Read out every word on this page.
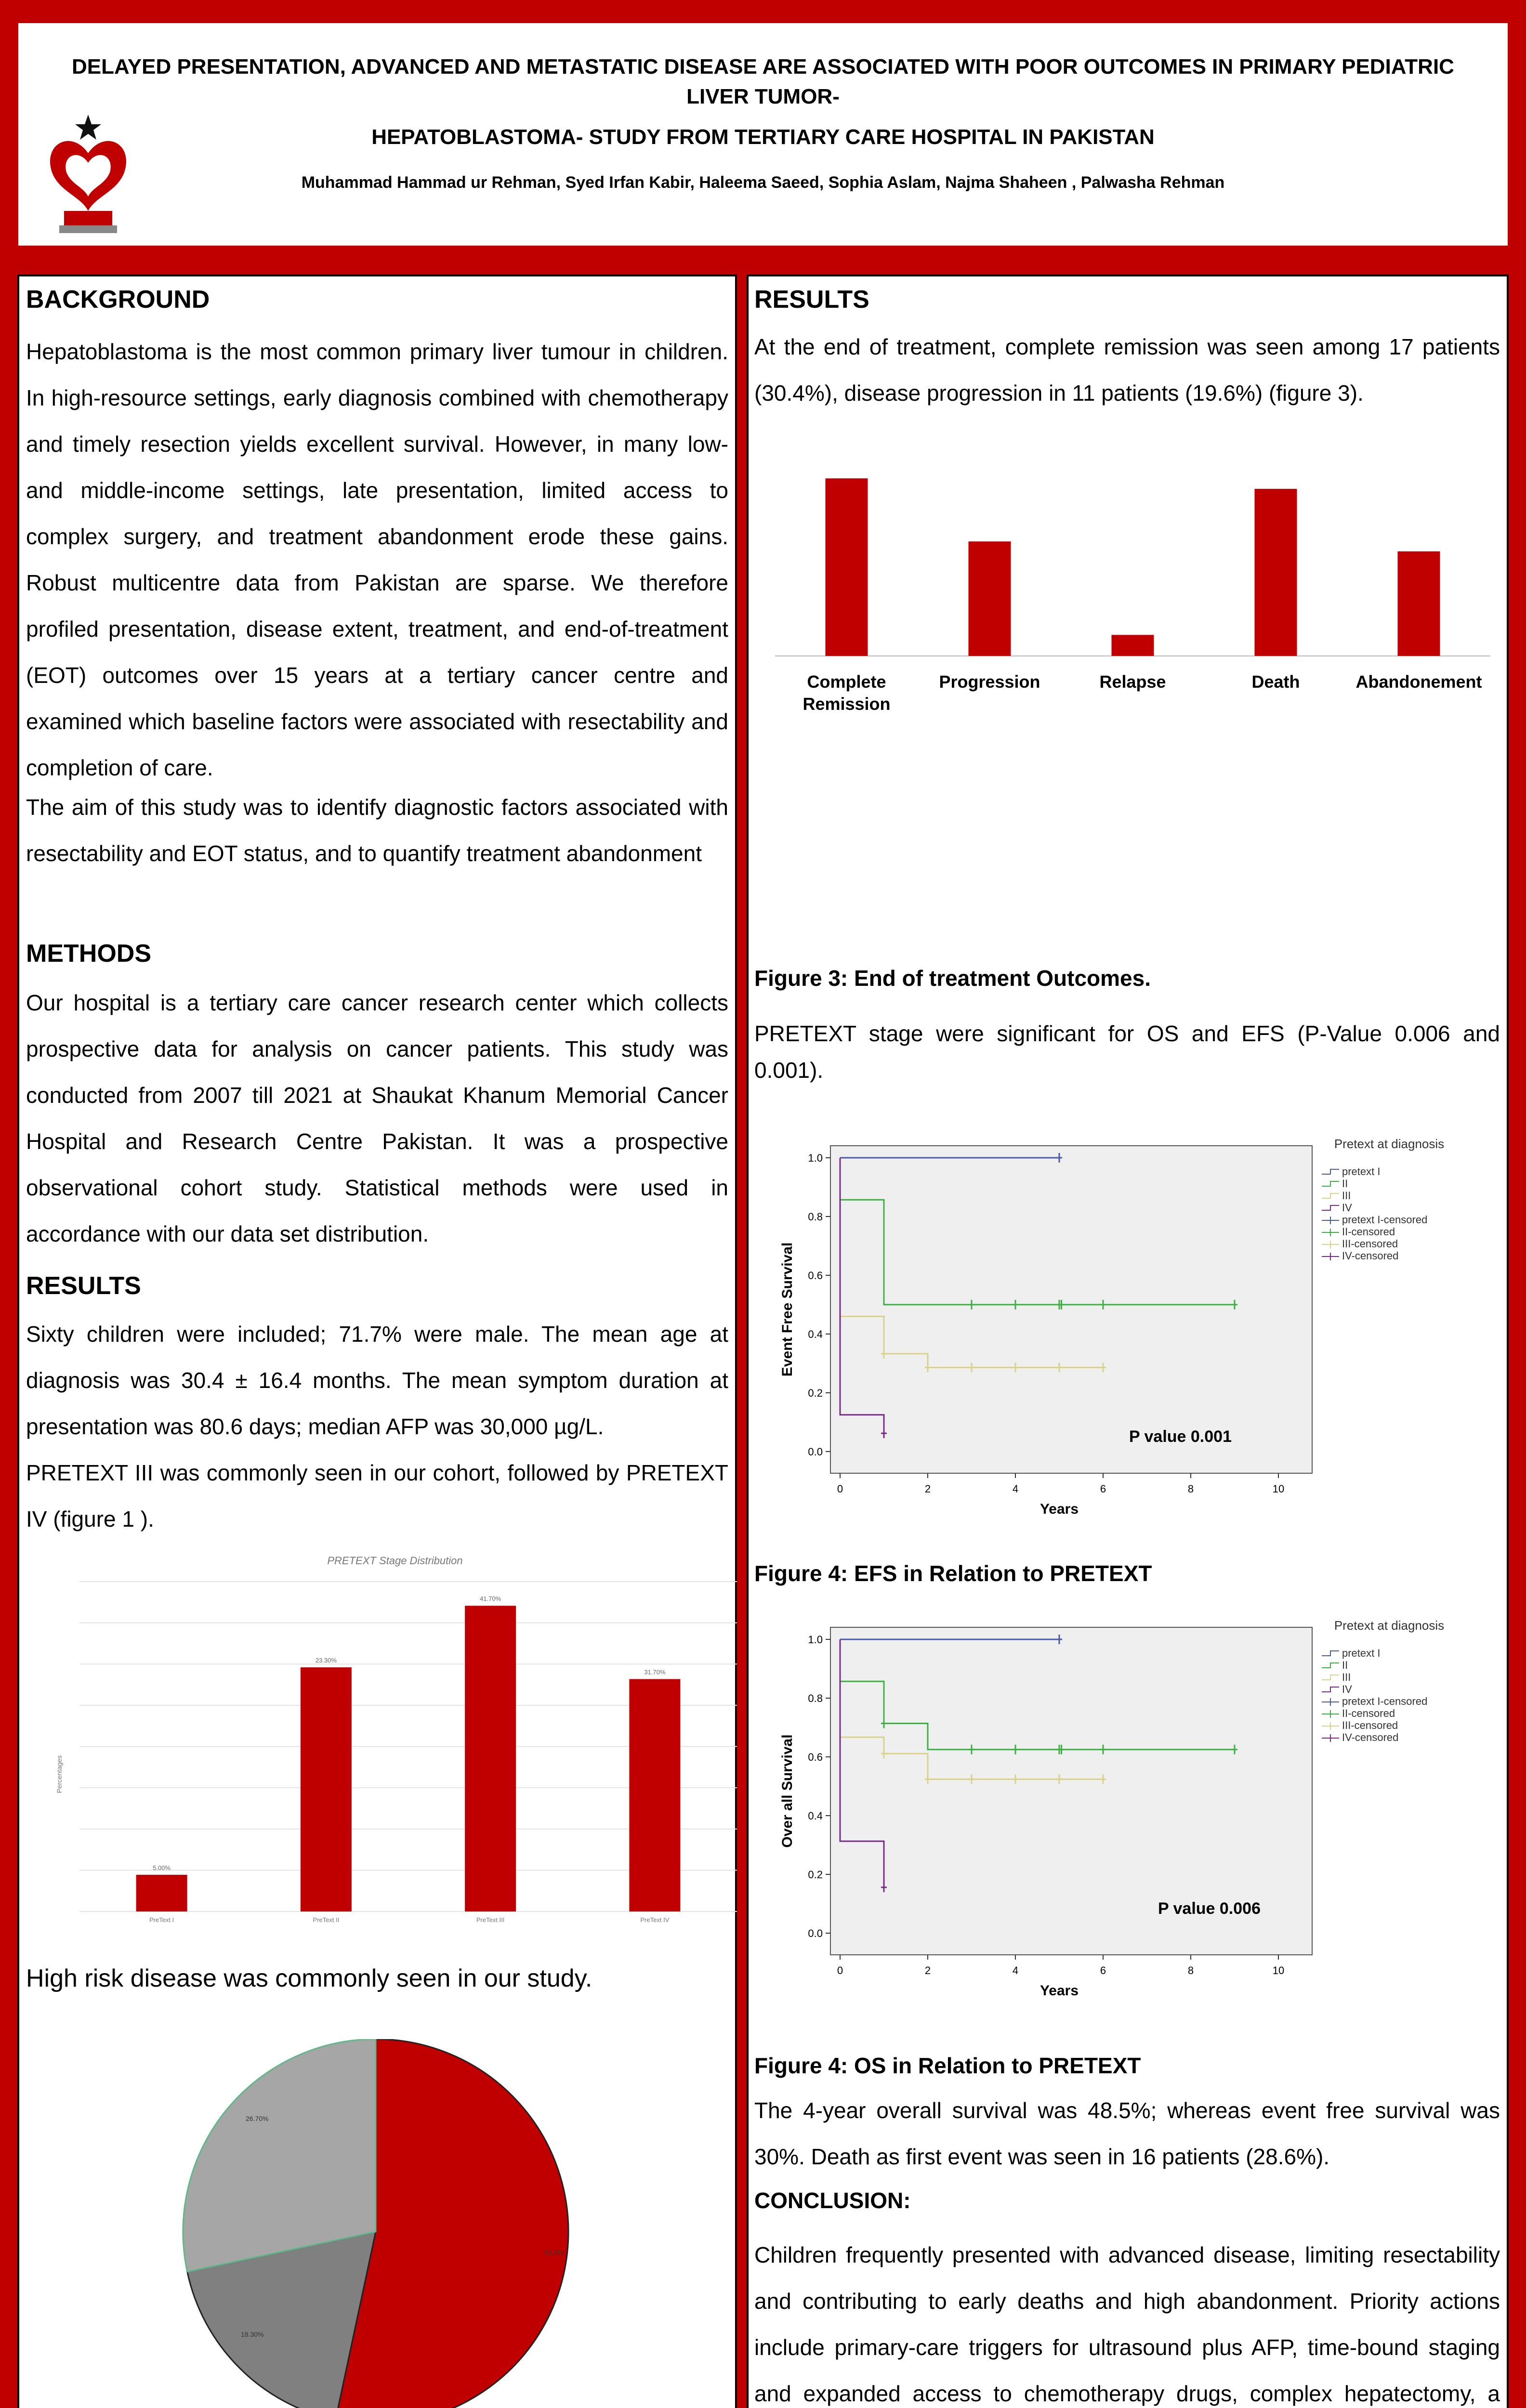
DELAYED PRESENTATION, ADVANCED AND METASTATIC DISEASE ARE ASSOCIATED WITH POOR OUTCOMES IN PRIMARY PEDIATRIC
LIVER TUMOR-
HEPATOBLASTOMA- STUDY FROM TERTIARY CARE HOSPITAL IN PAKISTAN
Muhammad Hammad ur Rehman, Syed Irfan Kabir, Haleema Saeed, Sophia Aslam, Najma Shaheen , Palwasha Rehman
BACKGROUND
Hepatoblastoma is the most common primary liver tumour in children. In high-resource settings, early diagnosis combined with chemotherapy and timely resection yields excellent survival. However, in many low- and middle-income settings, late presentation, limited access to complex surgery, and treatment abandonment erode these gains. Robust multicentre data from Pakistan are sparse. We therefore profiled presentation, disease extent, treatment, and end-of-treatment (EOT) outcomes over 15 years at a tertiary cancer centre and examined which baseline factors were associated with resectability and completion of care.
The aim of this study was to identify diagnostic factors associated with resectability and EOT status, and to quantify treatment abandonment
METHODS
Our hospital is a tertiary care cancer research center which collects prospective data for analysis on cancer patients. This study was conducted from 2007 till 2021 at Shaukat Khanum Memorial Cancer Hospital and Research Centre Pakistan. It was a prospective observational cohort study. Statistical methods were used in accordance with our data set distribution.
RESULTS
Sixty children were included; 71.7% were male. The mean age at diagnosis was 30.4 ± 16.4 months. The mean symptom duration at presentation was 80.6 days; median AFP was 30,000 µg/L.
PRETEXT III was commonly seen in our cohort, followed by PRETEXT IV (figure 1 ).
PRETEXT Stage Distribution
Percentages
5.00%
PreText I
23.30%
PreText II
41.70%
PreText III
31.70%
PreText IV
High risk disease was commonly seen in our study.
53.3%
18.30%
26.70%
RESULTS
At the end of treatment, complete remission was seen among 17 patients (30.4%), disease progression in 11 patients (19.6%) (figure 3).
Complete Remission
Progression	Relapse	Death	Abandonement
Figure 3: End of treatment Outcomes.
PRETEXT stage were significant for OS and EFS (P-Value 0.006 and 0.001).
0.0
0.2
0.4
0.6
0.8
1.0
0	2	4	6	8	10
Event Free Survival
Years
P value 0.001
Pretext at diagnosis
pretext I
II
III
IV
pretext I-censored
II-censored
III-censored
IV-censored
Figure 4: EFS in Relation to PRETEXT
0.0
0.2
0.4
0.6
0.8
1.0
0	2	4	6	8	10
Over all Survival
Years
P value 0.006
Pretext at diagnosis
pretext I
II
III
IV
pretext I-censored
II-censored
III-censored
IV-censored
Figure 4: OS in Relation to PRETEXT
The 4-year overall survival was 48.5%; whereas event free survival was 30%. Death as first event was seen in 16 patients (28.6%).
CONCLUSION:
Children frequently presented with advanced disease, limiting resectability and contributing to early deaths and high abandonment. Priority actions include primary-care triggers for ultrasound plus AFP, time-bound staging and expanded access to chemotherapy drugs, complex hepatectomy, a
